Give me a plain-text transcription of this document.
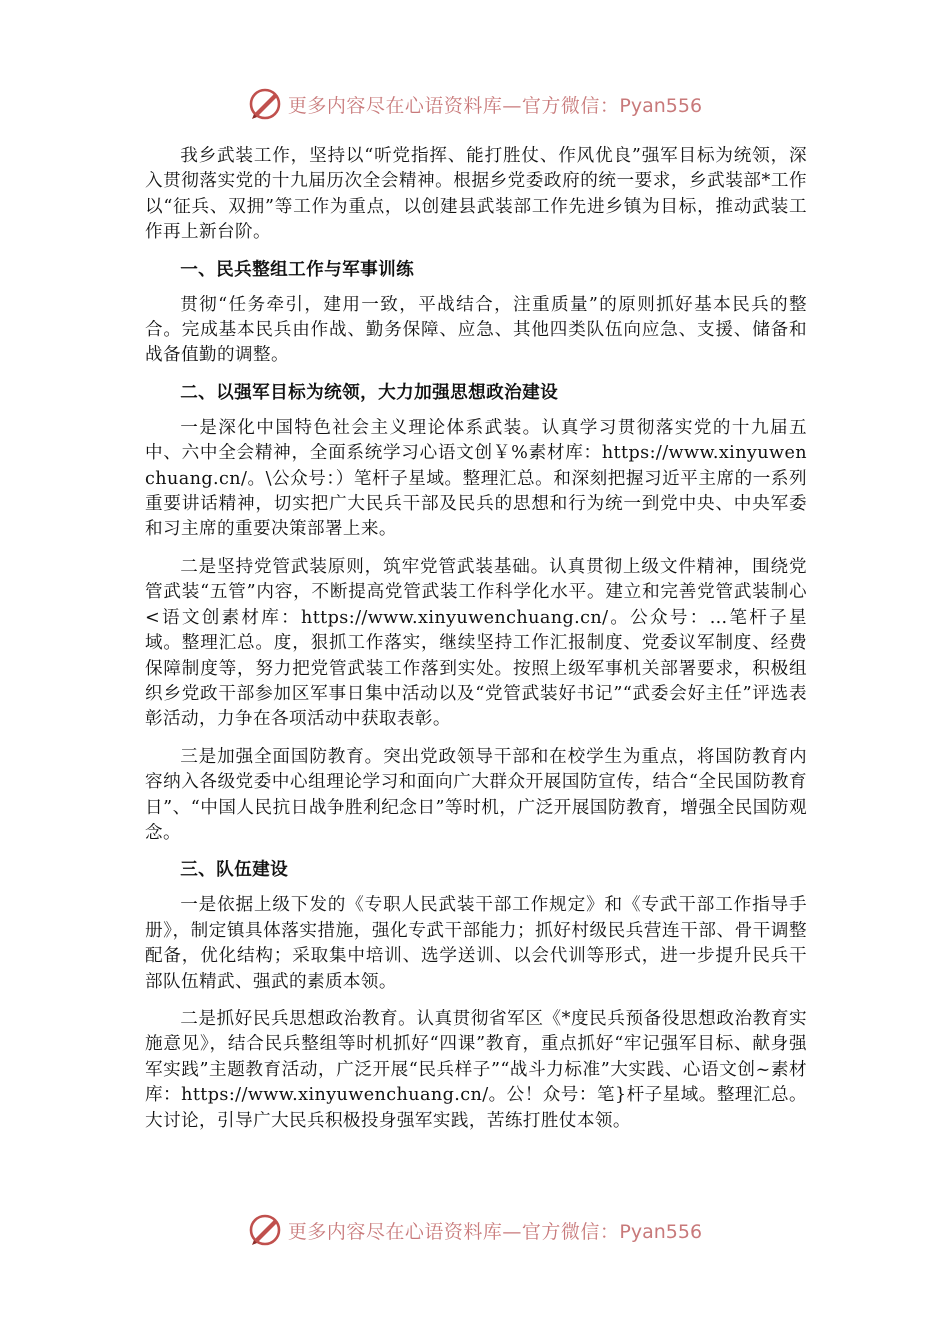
更多内容尽在心语资料库—官方微信：Pyan556

我乡武装工作，坚持以“听党指挥、能打胜仗、作风优良”强军目标为统领，深入贯彻落实党的十九届历次全会精神。根据乡党委政府的统一要求，乡武装部*工作以“征兵、双拥”等工作为重点，以创建县武装部工作先进乡镇为目标，推动武装工作再上新台阶。

一、民兵整组工作与军事训练

贯彻“任务牵引，建用一致，平战结合，注重质量”的原则抓好基本民兵的整合。完成基本民兵由作战、勤务保障、应急、其他四类队伍向应急、支援、储备和战备值勤的调整。

二、以强军目标为统领，大力加强思想政治建设

一是深化中国特色社会主义理论体系武装。认真学习贯彻落实党的十九届五中、六中全会精神，全面系统学习心语文创￥%素材库：https://www.xinyuwenchuang.cn/。\公众号：）笔杆子星域。整理汇总。和深刻把握习近平主席的一系列重要讲话精神，切实把广大民兵干部及民兵的思想和行为统一到党中央、中央军委和习主席的重要决策部署上来。

二是坚持党管武装原则，筑牢党管武装基础。认真贯彻上级文件精神，围绕党管武装“五管”内容，不断提高党管武装工作科学化水平。建立和完善党管武装制心<语文创素材库：https://www.xinyuwenchuang.cn/。公众号：…笔杆子星域。整理汇总。度，狠抓工作落实，继续坚持工作汇报制度、党委议军制度、经费保障制度等，努力把党管武装工作落到实处。按照上级军事机关部署要求，积极组织乡党政干部参加区军事日集中活动以及“党管武装好书记”“武委会好主任”评选表彰活动，力争在各项活动中获取表彰。

三是加强全面国防教育。突出党政领导干部和在校学生为重点，将国防教育内容纳入各级党委中心组理论学习和面向广大群众开展国防宣传，结合“全民国防教育日”、“中国人民抗日战争胜利纪念日”等时机，广泛开展国防教育，增强全民国防观念。

三、队伍建设

一是依据上级下发的《专职人民武装干部工作规定》和《专武干部工作指导手册》，制定镇具体落实措施，强化专武干部能力；抓好村级民兵营连干部、骨干调整配备，优化结构；采取集中培训、选学送训、以会代训等形式，进一步提升民兵干部队伍精武、强武的素质本领。

二是抓好民兵思想政治教育。认真贯彻省军区《*度民兵预备役思想政治教育实施意见》，结合民兵整组等时机抓好“四课”教育，重点抓好“牢记强军目标、献身强军实践”主题教育活动，广泛开展“民兵样子”“战斗力标准”大实践、心语文创~素材库：https://www.xinyuwenchuang.cn/。公！众号：笔}杆子星域。整理汇总。大讨论，引导广大民兵积极投身强军实践，苦练打胜仗本领。

更多内容尽在心语资料库—官方微信：Pyan556
